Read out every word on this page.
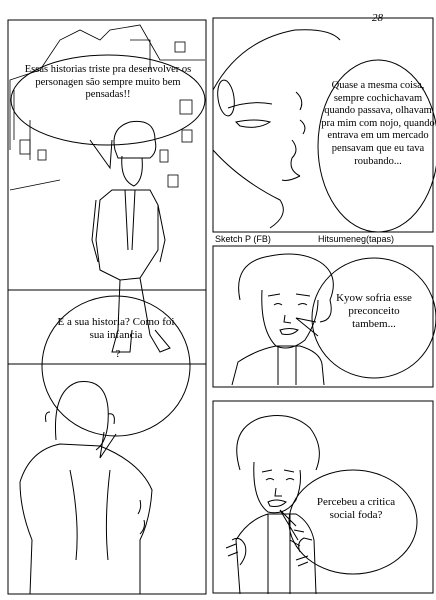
28
Sketch P (FB)	Hitsumeneg(tapas)
Essas historias triste pra desenvolver os personagen são sempre muito bem pensadas!!
Quase a mesma coisa, sempre cochichavam quando passava, olhavam pra mim com nojo, quando entrava em um mercado pensavam que eu tava roubando...
Kyow sofria esse preconceito tambem...
E a sua historia? Como foi sua infancia
?
Percebeu a critica social foda?
